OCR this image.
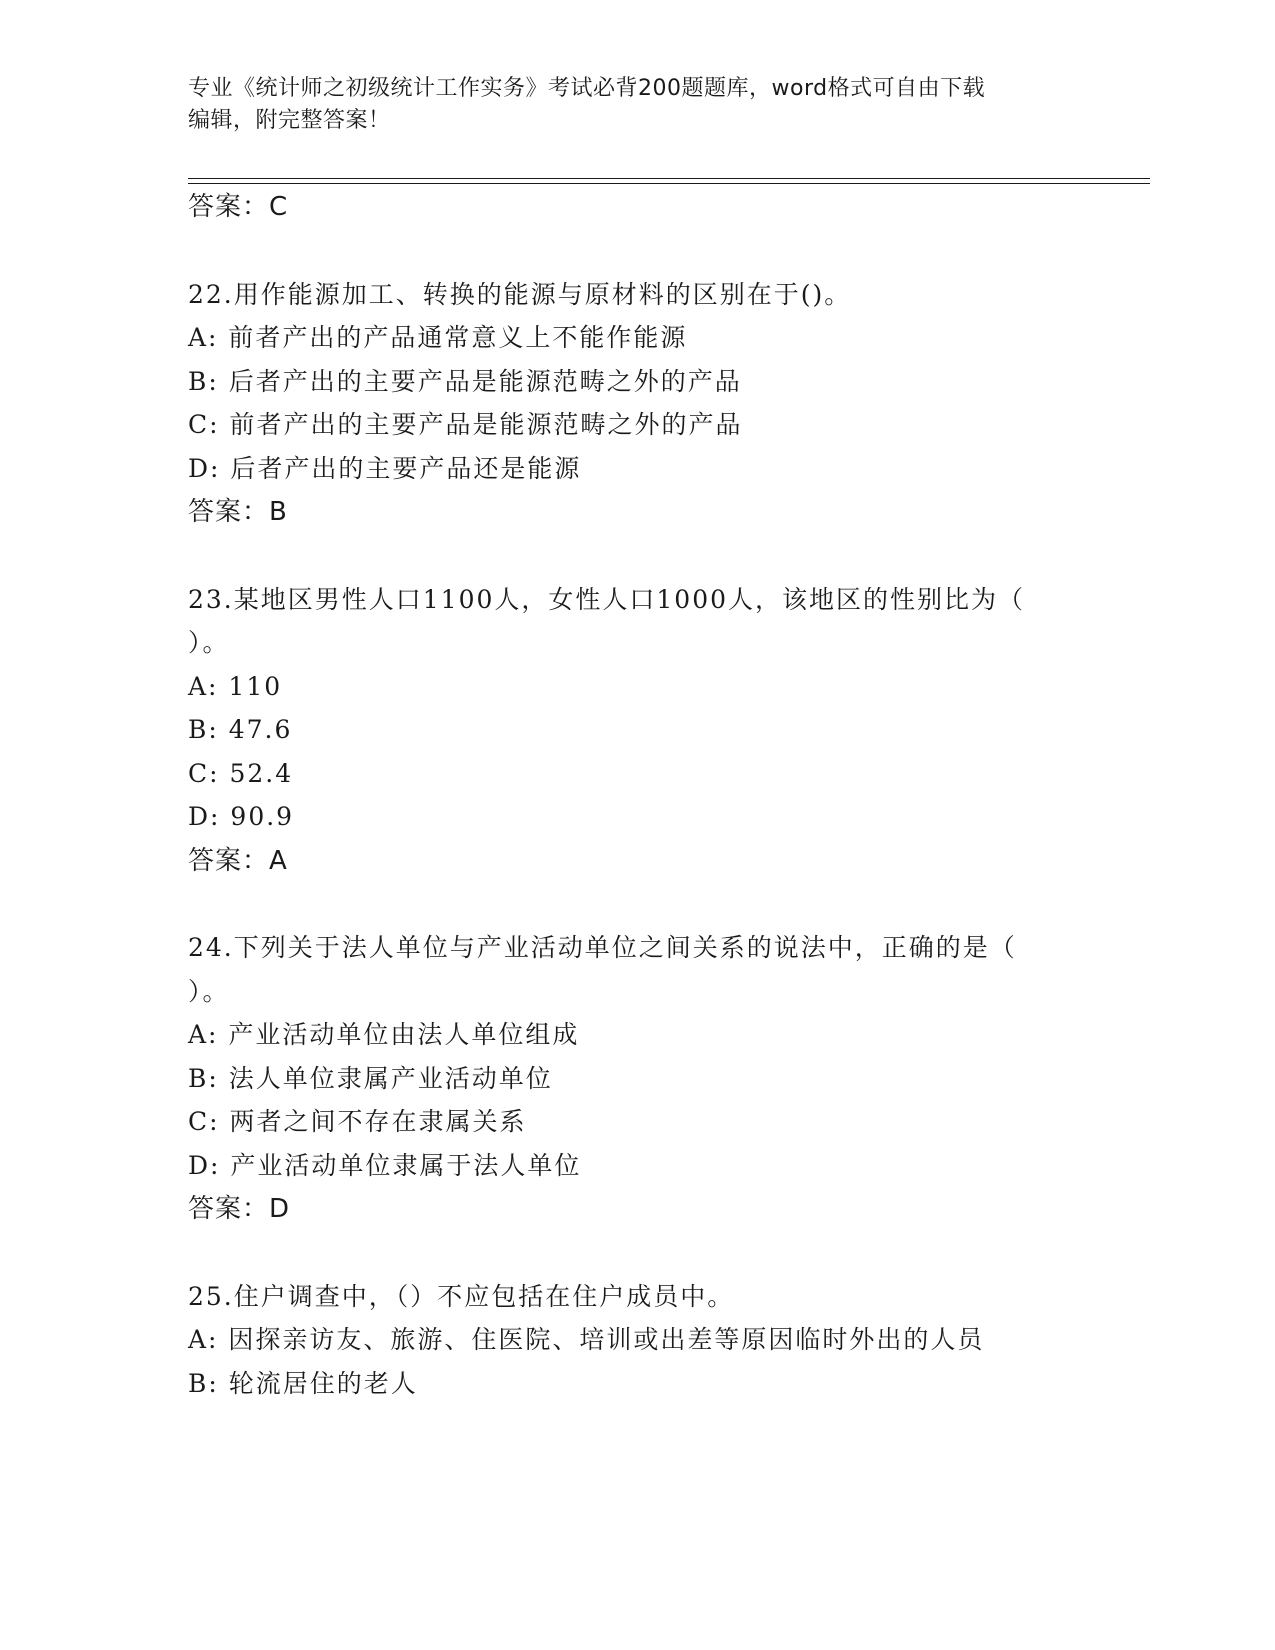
专业《统计师之初级统计工作实务》考试必背200题题库，word格式可自由下载
编辑，附完整答案！
答案：C
22.用作能源加工、转换的能源与原材料的区别在于()。
A: 前者产出的产品通常意义上不能作能源
B: 后者产出的主要产品是能源范畴之外的产品
C: 前者产出的主要产品是能源范畴之外的产品
D: 后者产出的主要产品还是能源
答案：B
23.某地区男性人口1100人，女性人口1000人，该地区的性别比为（
）。
A: 110
B: 47.6
C: 52.4
D: 90.9
答案：A
24.下列关于法人单位与产业活动单位之间关系的说法中，正确的是（
）。
A: 产业活动单位由法人单位组成
B: 法人单位隶属产业活动单位
C: 两者之间不存在隶属关系
D: 产业活动单位隶属于法人单位
答案：D
25.住户调查中，（）不应包括在住户成员中。
A: 因探亲访友、旅游、住医院、培训或出差等原因临时外出的人员
B: 轮流居住的老人
